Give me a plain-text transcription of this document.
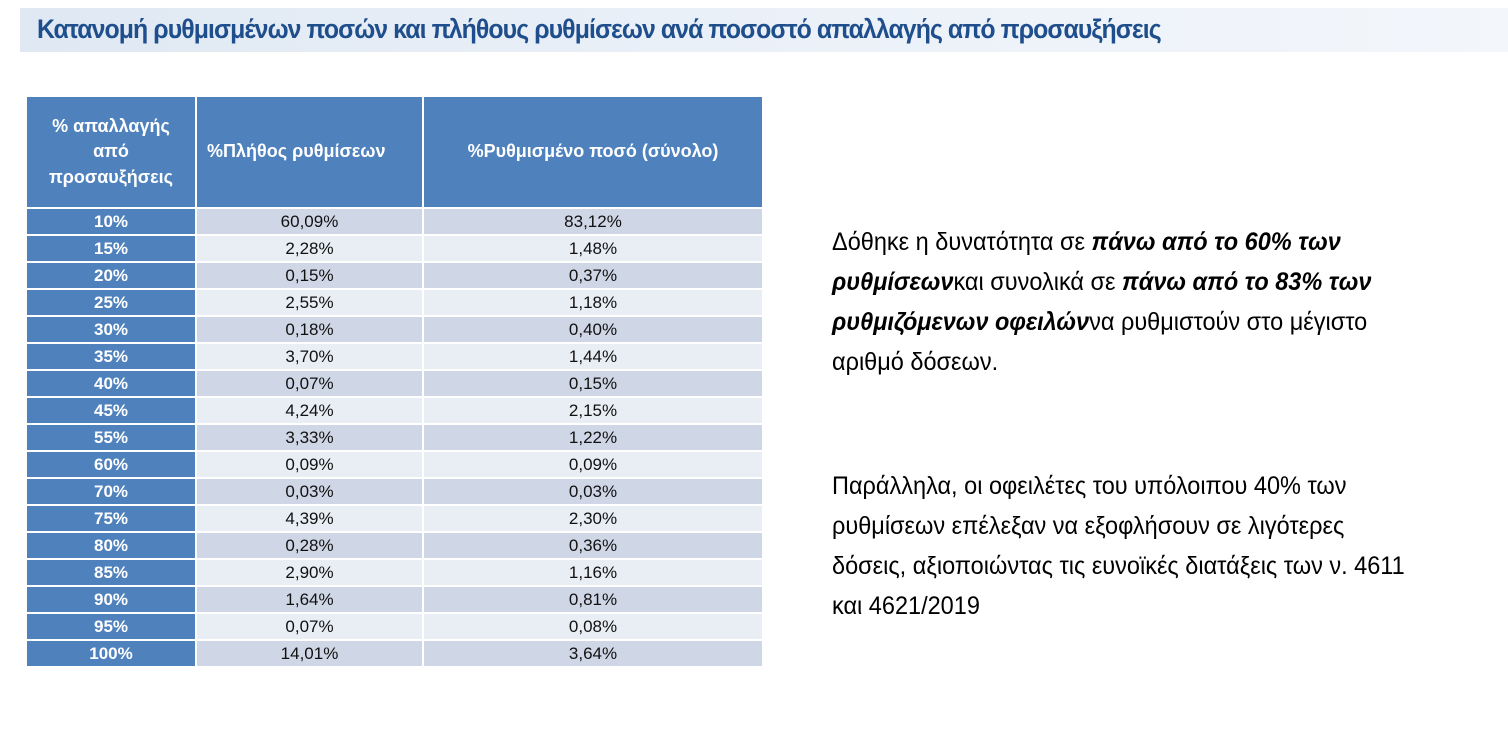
Κατανομή ρυθμισμένων ποσών και πλήθους ρυθμίσεων ανά ποσοστό απαλλαγής από προσαυξήσεις
% απαλλαγής από προσαυξήσεις	%Πλήθος ρυθμίσεων	%Ρυθμισμένο ποσό (σύνολο)
10%	60,09%	83,12%
15%	2,28%	1,48%
20%	0,15%	0,37%
25%	2,55%	1,18%
30%	0,18%	0,40%
35%	3,70%	1,44%
40%	0,07%	0,15%
45%	4,24%	2,15%
55%	3,33%	1,22%
60%	0,09%	0,09%
70%	0,03%	0,03%
75%	4,39%	2,30%
80%	0,28%	0,36%
85%	2,90%	1,16%
90%	1,64%	0,81%
95%	0,07%	0,08%
100%	14,01%	3,64%
Δόθηκε η δυνατότητα σε πάνω από το 60% των ρυθμίσεωνκαι συνολικά σε πάνω από το 83% των ρυθμιζόμενων οφειλώννα ρυθμιστούν στο μέγιστο αριθμό δόσεων.
Παράλληλα, οι οφειλέτες του υπόλοιπου 40% των ρυθμίσεων επέλεξαν να εξοφλήσουν σε λιγότερες δόσεις, αξιοποιώντας τις ευνοϊκές διατάξεις των ν. 4611 και 4621/2019
